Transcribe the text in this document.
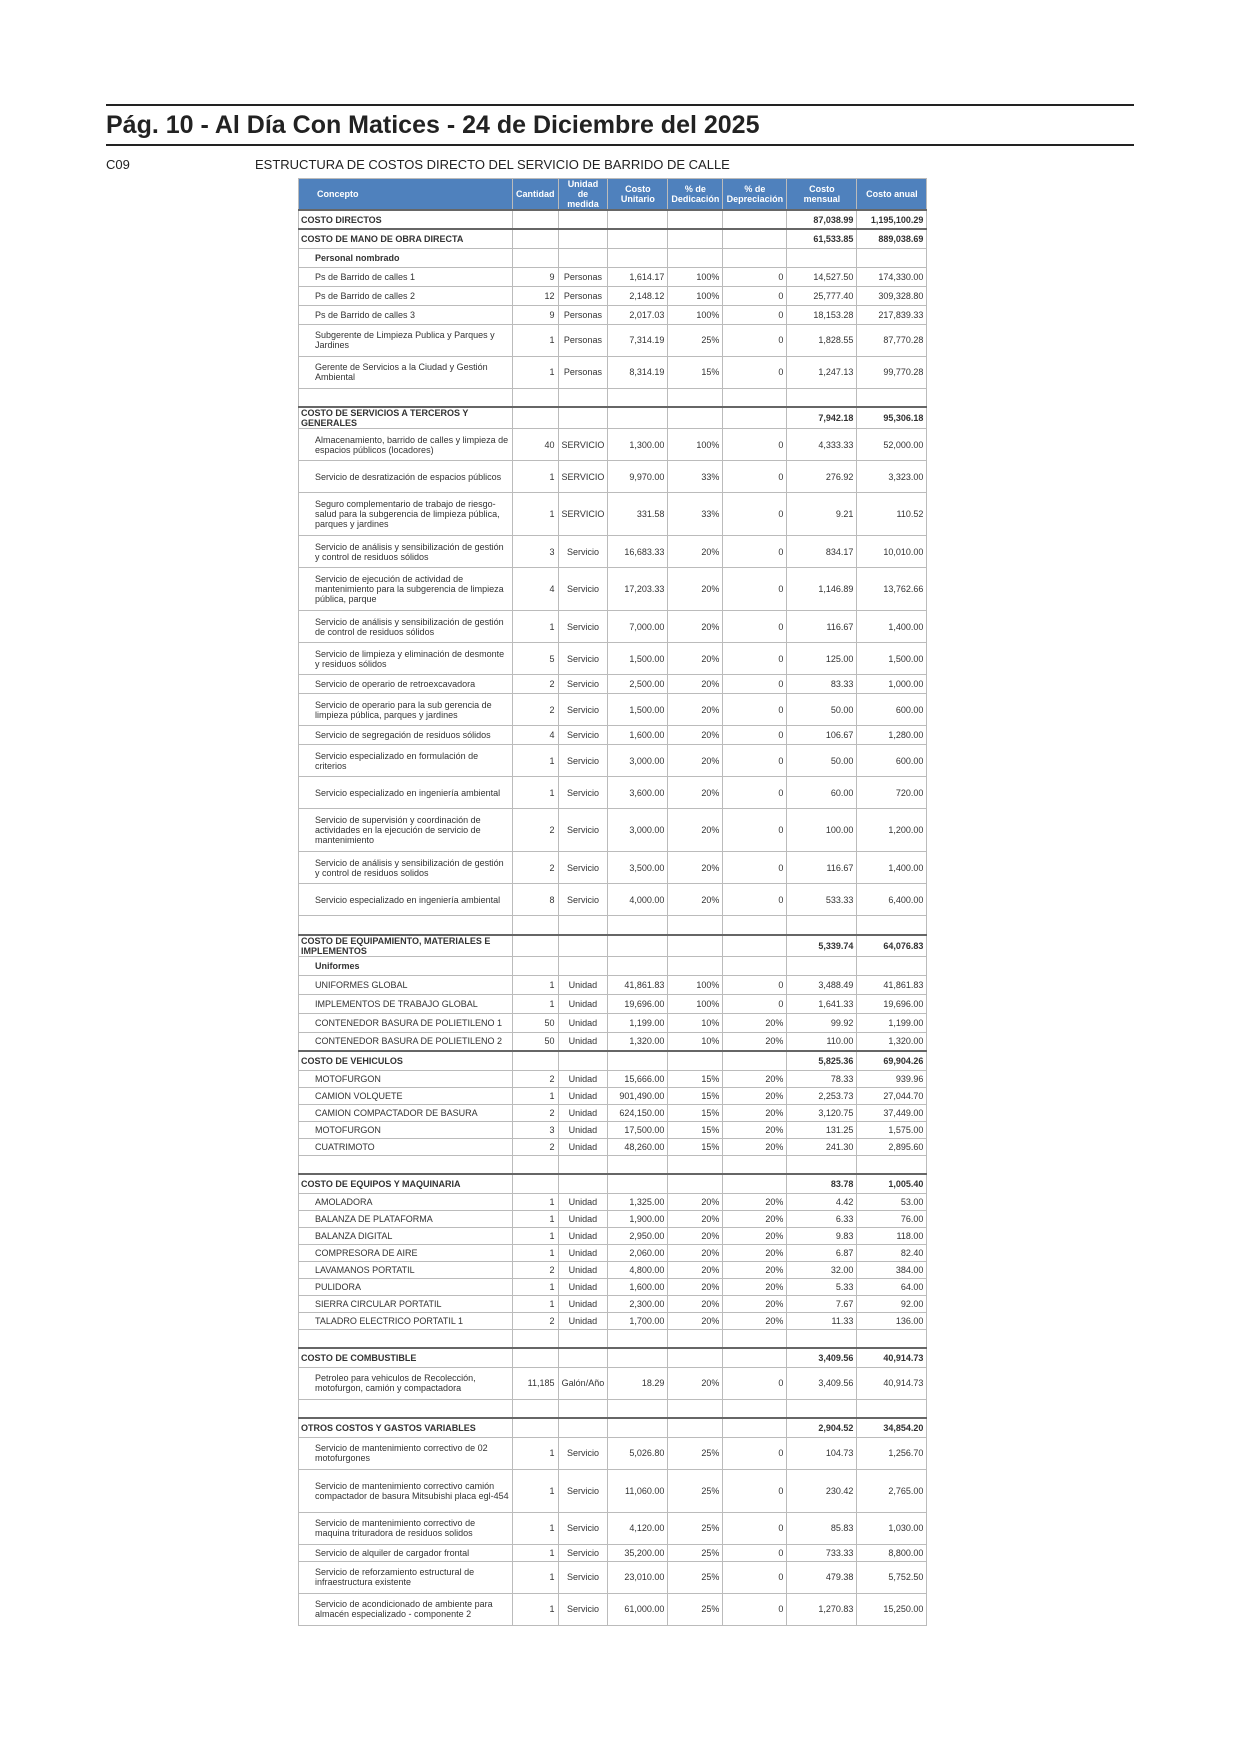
Pág. 10 - Al Día Con Matices - 24 de Diciembre del 2025
C09	ESTRUCTURA DE COSTOS DIRECTO DEL SERVICIO DE BARRIDO DE CALLE
Concepto	Cantidad	Unidad de medida	Costo Unitario	% de Dedicación	% de Depreciación	Costo mensual	Costo anual
COSTO DIRECTOS						87,038.99	1,195,100.29
COSTO DE MANO DE OBRA DIRECTA						61,533.85	889,038.69
Personal nombrado							
Ps de Barrido de calles 1	9	Personas	1,614.17	100%	0	14,527.50	174,330.00
Ps de Barrido de calles 2	12	Personas	2,148.12	100%	0	25,777.40	309,328.80
Ps de Barrido de calles 3	9	Personas	2,017.03	100%	0	18,153.28	217,839.33
Subgerente de Limpieza Publica y Parques y Jardines	1	Personas	7,314.19	25%	0	1,828.55	87,770.28
Gerente de Servicios a la Ciudad y Gestión Ambiental	1	Personas	8,314.19	15%	0	1,247.13	99,770.28

COSTO DE SERVICIOS A TERCEROS Y GENERALES						7,942.18	95,306.18
Almacenamiento, barrido de calles y limpieza de espacios públicos (locadores)	40	SERVICIO	1,300.00	100%	0	4,333.33	52,000.00
Servicio de desratización de espacios públicos	1	SERVICIO	9,970.00	33%	0	276.92	3,323.00
Seguro complementario de trabajo de riesgo-salud para la subgerencia de limpieza pública, parques y jardines	1	SERVICIO	331.58	33%	0	9.21	110.52
Servicio de análisis y sensibilización de gestión y control de residuos sólidos	3	Servicio	16,683.33	20%	0	834.17	10,010.00
Servicio de ejecución de actividad de mantenimiento para la subgerencia de limpieza pública, parque	4	Servicio	17,203.33	20%	0	1,146.89	13,762.66
Servicio de análisis y sensibilización de gestión de control de residuos sólidos	1	Servicio	7,000.00	20%	0	116.67	1,400.00
Servicio de limpieza y eliminación de desmonte y residuos sólidos	5	Servicio	1,500.00	20%	0	125.00	1,500.00
Servicio de operario de retroexcavadora	2	Servicio	2,500.00	20%	0	83.33	1,000.00
Servicio de operario para la sub gerencia de limpieza pública, parques y jardines	2	Servicio	1,500.00	20%	0	50.00	600.00
Servicio de segregación de residuos sólidos	4	Servicio	1,600.00	20%	0	106.67	1,280.00
Servicio especializado en formulación de criterios	1	Servicio	3,000.00	20%	0	50.00	600.00
Servicio especializado en ingeniería ambiental	1	Servicio	3,600.00	20%	0	60.00	720.00
Servicio de supervisión y coordinación de actividades en la ejecución de servicio de mantenimiento	2	Servicio	3,000.00	20%	0	100.00	1,200.00
Servicio de análisis y sensibilización de gestión y control de residuos solidos	2	Servicio	3,500.00	20%	0	116.67	1,400.00
Servicio especializado en ingeniería ambiental	8	Servicio	4,000.00	20%	0	533.33	6,400.00

COSTO DE EQUIPAMIENTO, MATERIALES E IMPLEMENTOS						5,339.74	64,076.83
Uniformes							
UNIFORMES GLOBAL	1	Unidad	41,861.83	100%	0	3,488.49	41,861.83
IMPLEMENTOS DE TRABAJO GLOBAL	1	Unidad	19,696.00	100%	0	1,641.33	19,696.00
CONTENEDOR BASURA DE POLIETILENO 1	50	Unidad	1,199.00	10%	20%	99.92	1,199.00
CONTENEDOR BASURA DE POLIETILENO 2	50	Unidad	1,320.00	10%	20%	110.00	1,320.00
COSTO DE VEHICULOS						5,825.36	69,904.26
MOTOFURGON	2	Unidad	15,666.00	15%	20%	78.33	939.96
CAMION VOLQUETE	1	Unidad	901,490.00	15%	20%	2,253.73	27,044.70
CAMION COMPACTADOR DE BASURA	2	Unidad	624,150.00	15%	20%	3,120.75	37,449.00
MOTOFURGON	3	Unidad	17,500.00	15%	20%	131.25	1,575.00
CUATRIMOTO	2	Unidad	48,260.00	15%	20%	241.30	2,895.60

COSTO DE EQUIPOS Y MAQUINARIA						83.78	1,005.40
AMOLADORA	1	Unidad	1,325.00	20%	20%	4.42	53.00
BALANZA DE PLATAFORMA	1	Unidad	1,900.00	20%	20%	6.33	76.00
BALANZA DIGITAL	1	Unidad	2,950.00	20%	20%	9.83	118.00
COMPRESORA DE AIRE	1	Unidad	2,060.00	20%	20%	6.87	82.40
LAVAMANOS PORTATIL	2	Unidad	4,800.00	20%	20%	32.00	384.00
PULIDORA	1	Unidad	1,600.00	20%	20%	5.33	64.00
SIERRA CIRCULAR PORTATIL	1	Unidad	2,300.00	20%	20%	7.67	92.00
TALADRO ELECTRICO PORTATIL 1	2	Unidad	1,700.00	20%	20%	11.33	136.00

COSTO DE COMBUSTIBLE						3,409.56	40,914.73
Petroleo para vehiculos de Recolección, motofurgon, camión y compactadora	11,185	Galón/Año	18.29	20%	0	3,409.56	40,914.73

OTROS COSTOS Y GASTOS VARIABLES						2,904.52	34,854.20
Servicio de mantenimiento correctivo de 02 motofurgones	1	Servicio	5,026.80	25%	0	104.73	1,256.70
Servicio de mantenimiento correctivo camión compactador de basura Mitsubishi placa egl-454	1	Servicio	11,060.00	25%	0	230.42	2,765.00
Servicio de mantenimiento correctivo de maquina trituradora de residuos solidos	1	Servicio	4,120.00	25%	0	85.83	1,030.00
Servicio de alquiler de cargador frontal	1	Servicio	35,200.00	25%	0	733.33	8,800.00
Servicio de reforzamiento estructural de infraestructura existente	1	Servicio	23,010.00	25%	0	479.38	5,752.50
Servicio de acondicionado de ambiente para almacén especializado - componente 2	1	Servicio	61,000.00	25%	0	1,270.83	15,250.00
